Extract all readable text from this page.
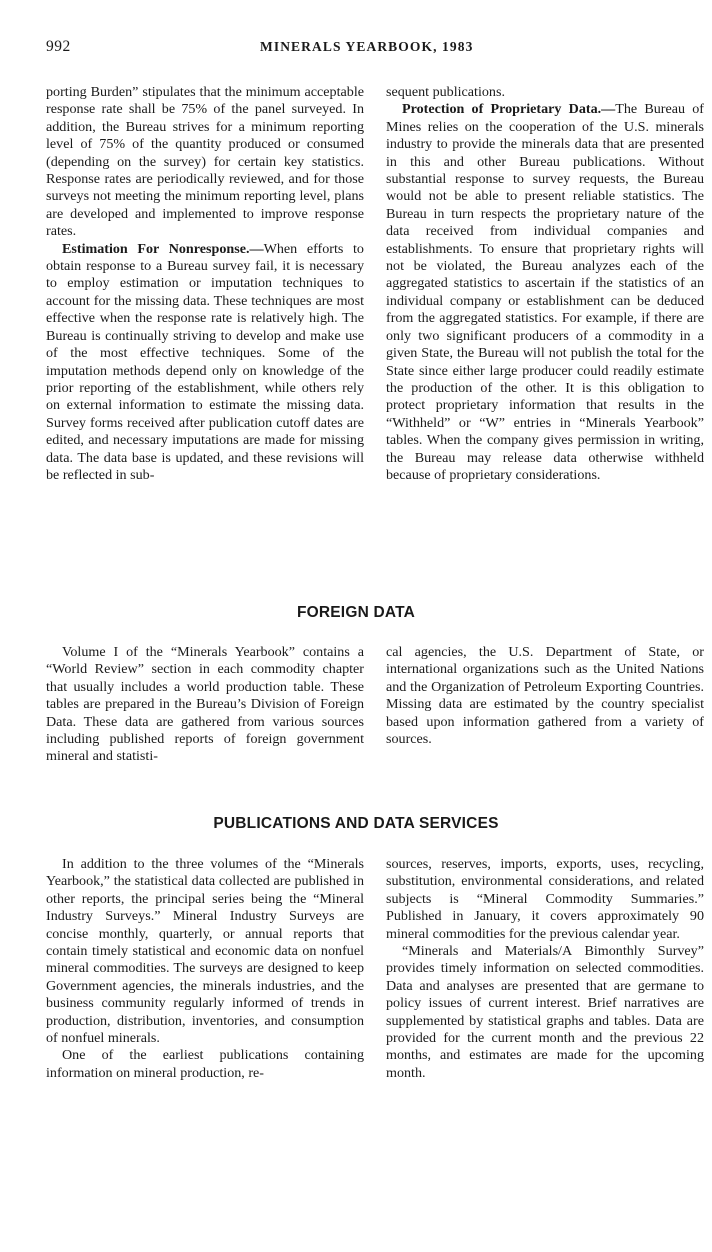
992	MINERALS YEARBOOK, 1983

porting Burden” stipulates that the minimum acceptable response rate shall be 75% of the panel surveyed. In addition, the Bureau strives for a minimum reporting level of 75% of the quantity produced or consumed (depending on the survey) for certain key statistics. Response rates are periodically reviewed, and for those surveys not meeting the minimum reporting level, plans are developed and implemented to improve response rates.

Estimation For Nonresponse.—When efforts to obtain response to a Bureau survey fail, it is necessary to employ estimation or imputation techniques to account for the missing data. These techniques are most effective when the response rate is relatively high. The Bureau is continually striving to develop and make use of the most effective techniques. Some of the imputation methods depend only on knowledge of the prior reporting of the establishment, while others rely on external information to estimate the missing data. Survey forms received after publication cutoff dates are edited, and necessary imputations are made for missing data. The data base is updated, and these revisions will be reflected in sub-

sequent publications.

Protection of Proprietary Data.—The Bureau of Mines relies on the cooperation of the U.S. minerals industry to provide the minerals data that are presented in this and other Bureau publications. Without substantial response to survey requests, the Bureau would not be able to present reliable statistics. The Bureau in turn respects the proprietary nature of the data received from individual companies and establishments. To ensure that proprietary rights will not be violated, the Bureau analyzes each of the aggregated statistics to ascertain if the statistics of an individual company or establishment can be deduced from the aggregated statistics. For example, if there are only two significant producers of a commodity in a given State, the Bureau will not publish the total for the State since either large producer could readily estimate the production of the other. It is this obligation to protect proprietary information that results in the “Withheld” or “W” entries in “Minerals Yearbook” tables. When the company gives permission in writing, the Bureau may release data otherwise withheld because of proprietary considerations.

FOREIGN DATA

Volume I of the “Minerals Yearbook” contains a “World Review” section in each commodity chapter that usually includes a world production table. These tables are prepared in the Bureau’s Division of Foreign Data. These data are gathered from various sources including published reports of foreign government mineral and statisti-

cal agencies, the U.S. Department of State, or international organizations such as the United Nations and the Organization of Petroleum Exporting Countries. Missing data are estimated by the country specialist based upon information gathered from a variety of sources.

PUBLICATIONS AND DATA SERVICES

In addition to the three volumes of the “Minerals Yearbook,” the statistical data collected are published in other reports, the principal series being the “Mineral Industry Surveys.” Mineral Industry Surveys are concise monthly, quarterly, or annual reports that contain timely statistical and economic data on nonfuel mineral commodities. The surveys are designed to keep Government agencies, the minerals industries, and the business community regularly informed of trends in production, distribution, inventories, and consumption of nonfuel minerals.

One of the earliest publications containing information on mineral production, re-

sources, reserves, imports, exports, uses, recycling, substitution, environmental considerations, and related subjects is “Mineral Commodity Summaries.” Published in January, it covers approximately 90 mineral commodities for the previous calendar year.

“Minerals and Materials/A Bimonthly Survey” provides timely information on selected commodities. Data and analyses are presented that are germane to policy issues of current interest. Brief narratives are supplemented by statistical graphs and tables. Data are provided for the current month and the previous 22 months, and estimates are made for the upcoming month.
